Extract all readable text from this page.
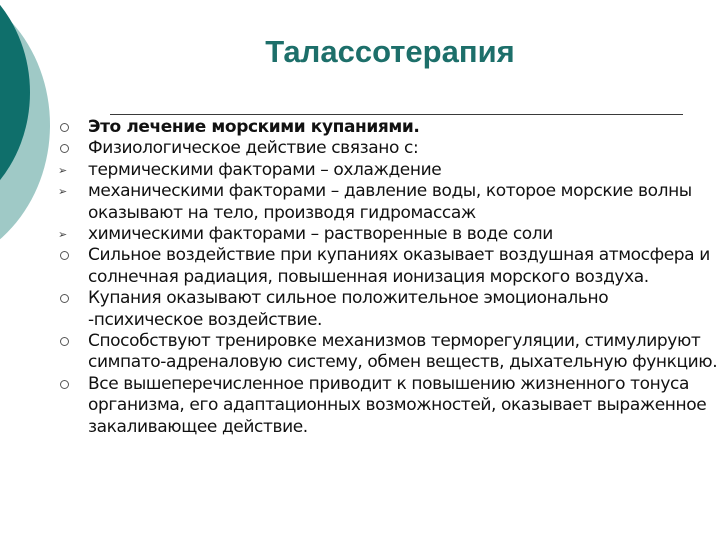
Талассотерапия
Это лечение морскими купаниями.
Физиологическое действие связано с:
➢ термическими факторами – охлаждение
➢ механическими факторами – давление воды, которое морские волны оказывают на тело, производя гидромассаж
➢ химическими факторами – растворенные в воде соли
Сильное воздействие при купаниях оказывает воздушная атмосфера и солнечная радиация, повышенная ионизация морского воздуха.
Купания оказывают сильное положительное эмоционально -психическое воздействие.
Способствуют тренировке механизмов терморегуляции, стимулируют симпато-адреналовую систему, обмен веществ, дыхательную функцию.
Все вышеперечисленное приводит к повышению жизненного тонуса организма, его адаптационных возможностей, оказывает выраженное закаливающее действие.
